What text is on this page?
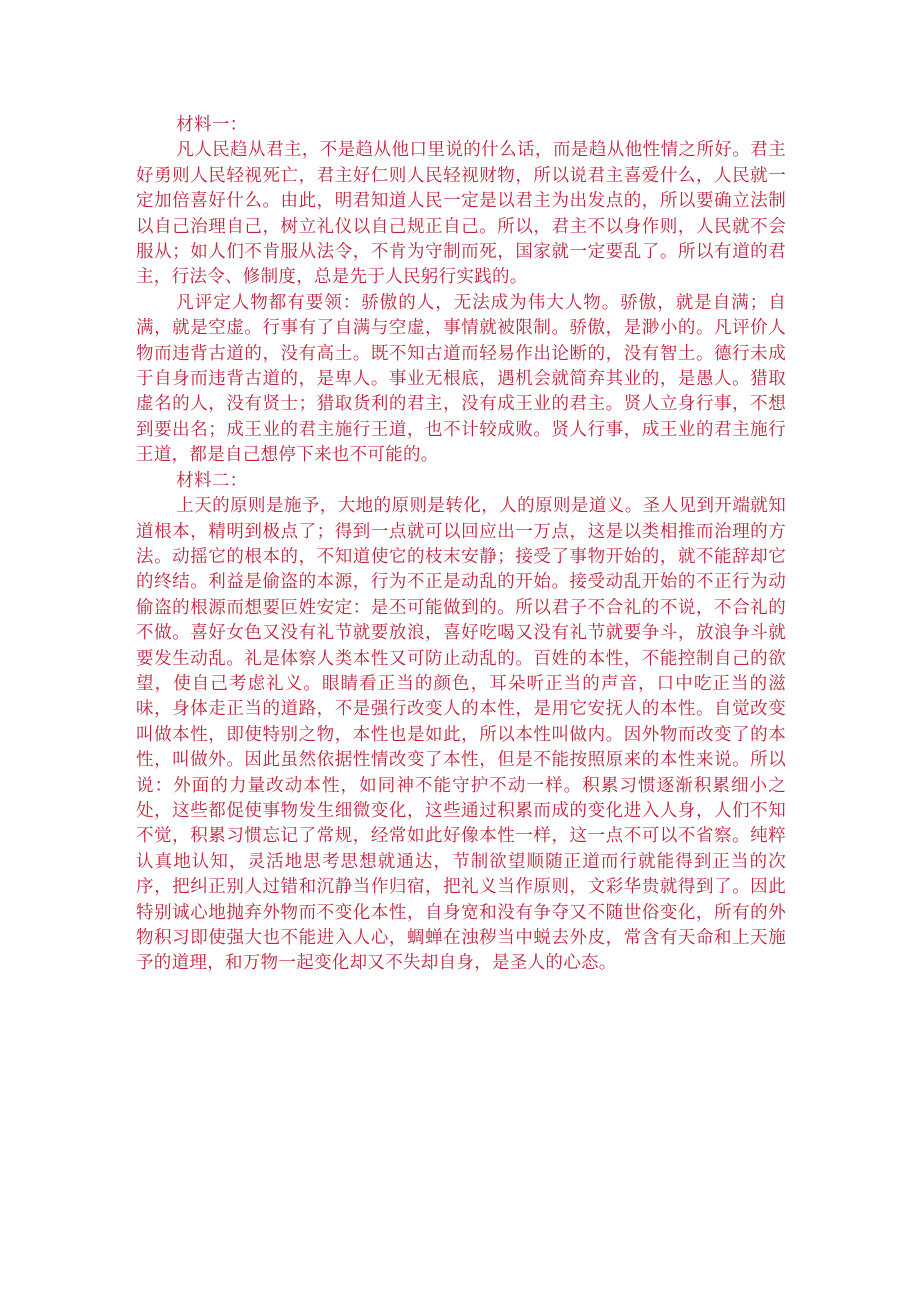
材料一：

凡人民趋从君主，不是趋从他口里说的什么话，而是趋从他性情之所好。君主好勇则人民轻视死亡，君主好仁则人民轻视财物，所以说君主喜爱什么，人民就一定加倍喜好什么。由此，明君知道人民一定是以君主为出发点的，所以要确立法制以自己治理自己，树立礼仪以自己规正自己。所以，君主不以身作则，人民就不会服从；如人们不肯服从法令，不肯为守制而死，国家就一定要乱了。所以有道的君主，行法令、修制度，总是先于人民躬行实践的。

凡评定人物都有要领：骄傲的人，无法成为伟大人物。骄傲，就是自满；自满，就是空虚。行事有了自满与空虚，事情就被限制。骄傲，是渺小的。凡评价人物而违背古道的，没有高土。既不知古道而轻易作出论断的，没有智土。德行未成于自身而违背古道的，是卑人。事业无根底，遇机会就简弃其业的，是愚人。猎取虚名的人，没有贤士；猎取货利的君主，没有成王业的君主。贤人立身行事，不想到要出名；成王业的君主施行王道，也不计较成败。贤人行事，成王业的君主施行王道，都是自己想停下来也不可能的。

材料二：

上天的原则是施予，大地的原则是转化，人的原则是道义。圣人见到开端就知道根本，精明到极点了；得到一点就可以回应出一万点，这是以类相推而治理的方法。动摇它的根本的，不知道使它的枝末安静；接受了事物开始的，就不能辞却它的终结。利益是偷盗的本源，行为不正是动乱的开始。接受动乱开始的不正行为动偷盗的根源而想要叵姓安定：是丕可能做到的。所以君子不合礼的不说，不合礼的不做。喜好女色又没有礼节就要放浪，喜好吃喝又没有礼节就要争斗，放浪争斗就要发生动乱。礼是体察人类本性又可防止动乱的。百姓的本性，不能控制自己的欲望，使自己考虑礼义。眼睛看正当的颜色，耳朵听正当的声音，口中吃正当的滋味，身体走正当的道路，不是强行改变人的本性，是用它安抚人的本性。自觉改变叫做本性，即使特别之物，本性也是如此，所以本性叫做内。因外物而改变了的本性，叫做外。因此虽然依据性情改变了本性，但是不能按照原来的本性来说。所以说：外面的力量改动本性，如同神不能守护不动一样。积累习惯逐渐积累细小之处，这些都促使事物发生细微变化，这些通过积累而成的变化进入人身，人们不知不觉，积累习惯忘记了常规，经常如此好像本性一样，这一点不可以不省察。纯粹认真地认知，灵活地思考思想就通达，节制欲望顺随正道而行就能得到正当的次序，把纠正别人过错和沉静当作归宿，把礼义当作原则，文彩华贵就得到了。因此特别诚心地抛弃外物而不变化本性，自身宽和没有争夺又不随世俗变化，所有的外物积习即使强大也不能进入人心，蜩蝉在浊秽当中蜕去外皮，常含有天命和上天施予的道理，和万物一起变化却又不失却自身，是圣人的心态。
